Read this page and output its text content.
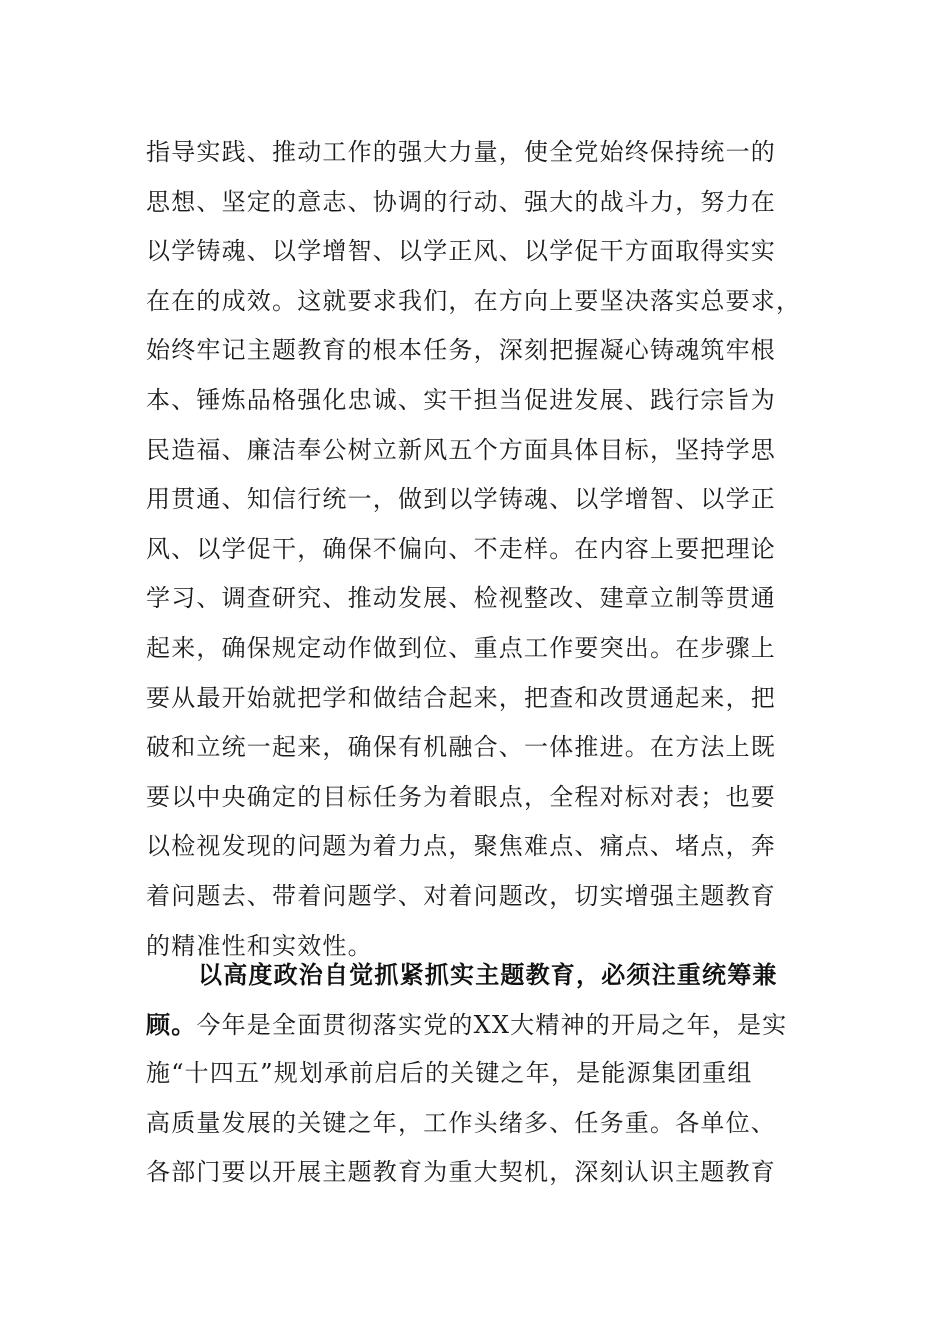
指导实践、推动工作的强大力量，使全党始终保持统一的
思想、坚定的意志、协调的行动、强大的战斗力，努力在
以学铸魂、以学增智、以学正风、以学促干方面取得实实
在在的成效。这就要求我们，在方向上要坚决落实总要求，
始终牢记主题教育的根本任务，深刻把握凝心铸魂筑牢根
本、锤炼品格强化忠诚、实干担当促进发展、践行宗旨为
民造福、廉洁奉公树立新风五个方面具体目标，坚持学思
用贯通、知信行统一，做到以学铸魂、以学增智、以学正
风、以学促干，确保不偏向、不走样。在内容上要把理论
学习、调查研究、推动发展、检视整改、建章立制等贯通
起来，确保规定动作做到位、重点工作要突出。在步骤上
要从最开始就把学和做结合起来，把查和改贯通起来，把
破和立统一起来，确保有机融合、一体推进。在方法上既
要以中央确定的目标任务为着眼点，全程对标对表；也要
以检视发现的问题为着力点，聚焦难点、痛点、堵点，奔
着问题去、带着问题学、对着问题改，切实增强主题教育
的精准性和实效性。
以高度政治自觉抓紧抓实主题教育，必须注重统筹兼
顾。今年是全面贯彻落实党的XX大精神的开局之年，是实
施“十四五”规划承前启后的关键之年，是能源集团重组
高质量发展的关键之年，工作头绪多、任务重。各单位、
各部门要以开展主题教育为重大契机，深刻认识主题教育
